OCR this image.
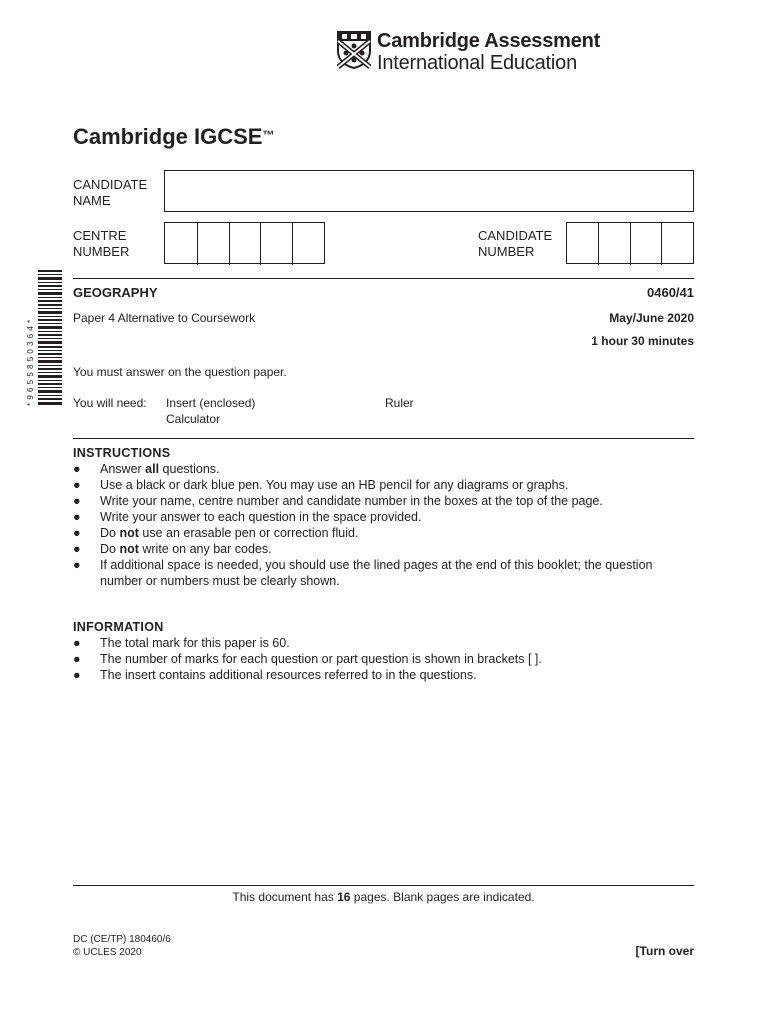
Cambridge Assessment
International Education
Cambridge IGCSE™
CANDIDATE
NAME
CENTRE
NUMBER
CANDIDATE
NUMBER
* 9 6 5 5 8 5 0 3 6 4 *
GEOGRAPHY	0460/41
Paper 4 Alternative to Coursework	May/June 2020
1 hour 30 minutes
You must answer on the question paper.
You will need: Insert (enclosed)
Calculator
Ruler
INSTRUCTIONS
●	Answer all questions.
●	Use a black or dark blue pen. You may use an HB pencil for any diagrams or graphs.
●	Write your name, centre number and candidate number in the boxes at the top of the page.
●	Write your answer to each question in the space provided.
●	Do not use an erasable pen or correction fluid.
●	Do not write on any bar codes.
●	If additional space is needed, you should use the lined pages at the end of this booklet; the question number or numbers must be clearly shown.
INFORMATION
●	The total mark for this paper is 60.
●	The number of marks for each question or part question is shown in brackets [ ].
●	The insert contains additional resources referred to in the questions.
This document has 16 pages. Blank pages are indicated.
DC (CE/TP) 180460/6
© UCLES 2020	[Turn over
